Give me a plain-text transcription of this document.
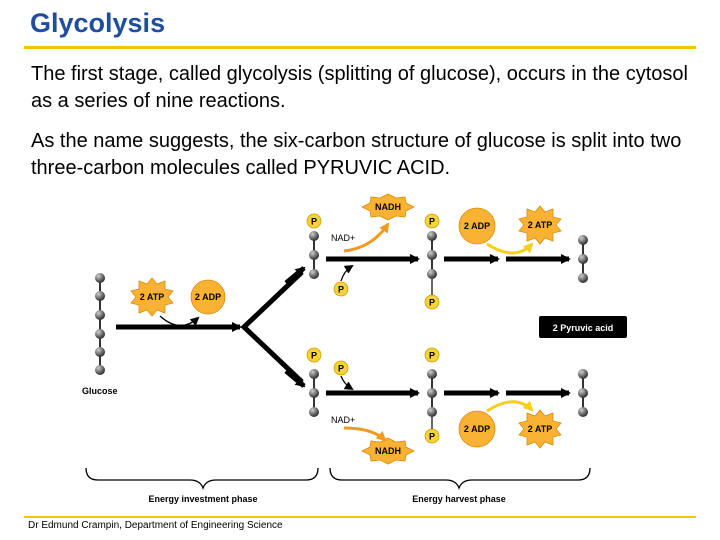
Glycolysis

The first stage, called glycolysis (splitting of glucose), occurs in the cytosol as a series of nine reactions.

As the name suggests, the six-carbon structure of glucose is split into two three-carbon molecules called PYRUVIC ACID.

Glucose
2 ATP	2 ADP
NADH
NAD+
NADH
NAD+
P
P
P
P
P
P
P
P
2 ADP	2 ATP
2 ADP	2 ATP
2 Pyruvic acid
Energy investment phase	Energy harvest phase
Dr Edmund Crampin, Department of Engineering Science
